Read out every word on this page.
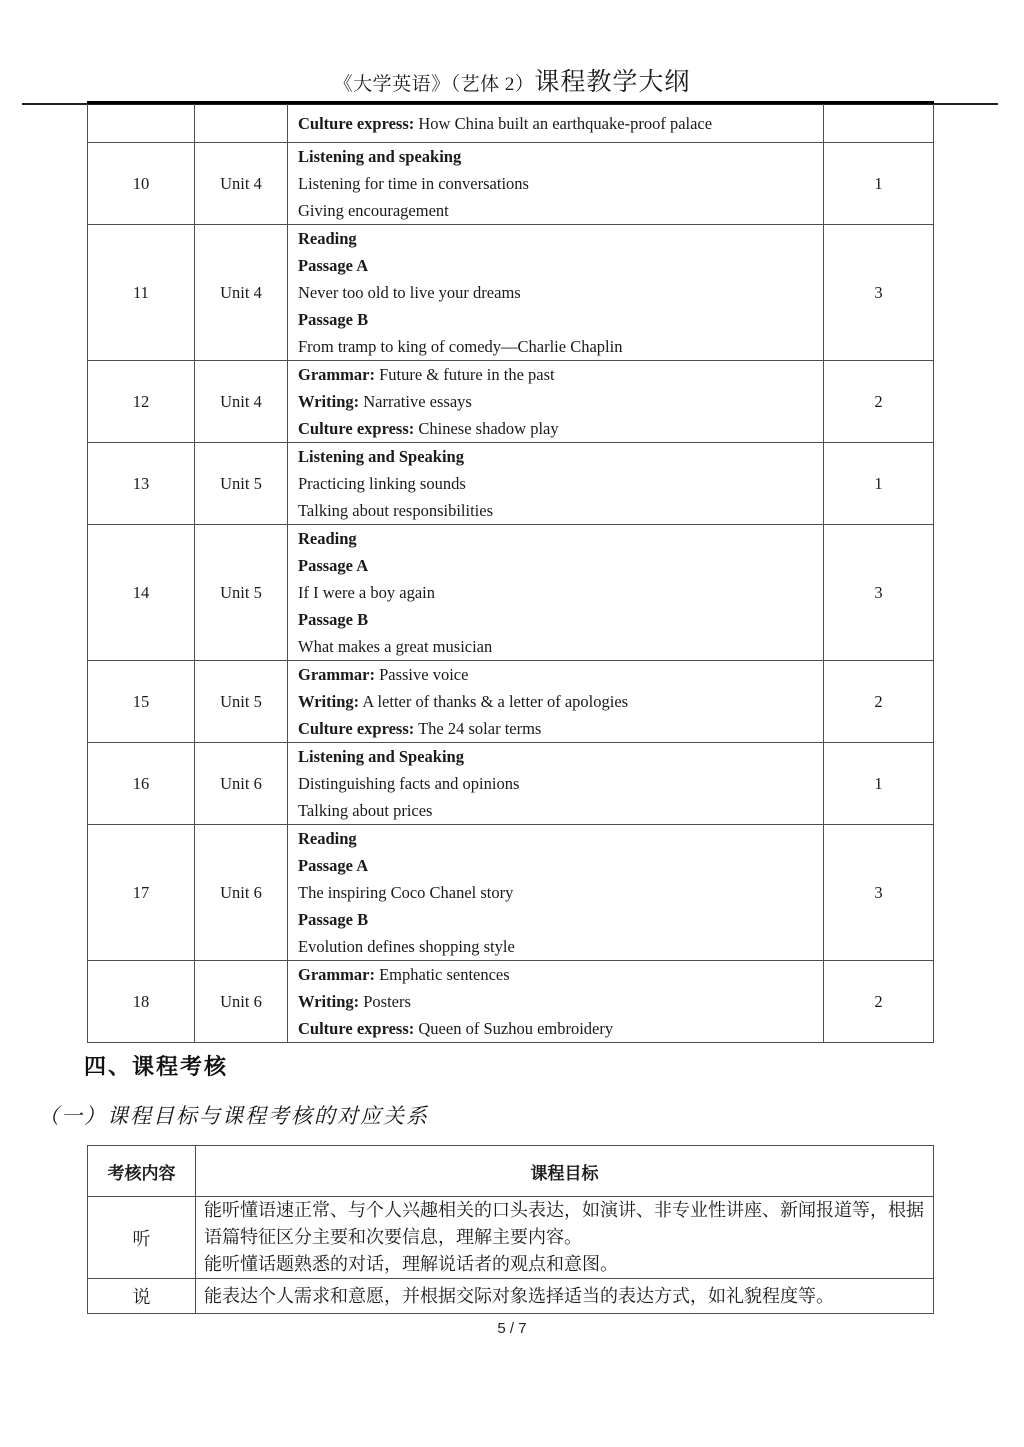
《大学英语》（艺体 2）课程教学大纲

		Culture express: How China built an earthquake-proof palace	

10	Unit 4	Listening and speaking
Listening for time in conversations
Giving encouragement	1
11	Unit 4	Reading
Passage A
Never too old to live your dreams
Passage B
From tramp to king of comedy—Charlie Chaplin	3
12	Unit 4	Grammar: Future & future in the past
Writing: Narrative essays
Culture express: Chinese shadow play	2
13	Unit 5	Listening and Speaking
Practicing linking sounds
Talking about responsibilities	1
14	Unit 5	Reading
Passage A
If I were a boy again
Passage B
What makes a great musician	3
15	Unit 5	Grammar: Passive voice
Writing: A letter of thanks & a letter of apologies
Culture express: The 24 solar terms	2
16	Unit 6	Listening and Speaking
Distinguishing facts and opinions
Talking about prices	1
17	Unit 6	Reading
Passage A
The inspiring Coco Chanel story
Passage B
Evolution defines shopping style	3
18	Unit 6	Grammar: Emphatic sentences
Writing: Posters
Culture express: Queen of Suzhou embroidery	2
四、课程考核
（一）课程目标与课程考核的对应关系
考核内容	课程目标
听	能听懂语速正常、与个人兴趣相关的口头表达，如演讲、非专业性讲座、新闻报道等，根据语篇特征区分主要和次要信息，理解主要内容。
能听懂话题熟悉的对话，理解说话者的观点和意图。

说	能表达个人需求和意愿，并根据交际对象选择适当的表达方式，如礼貌程度等。
5 / 7
